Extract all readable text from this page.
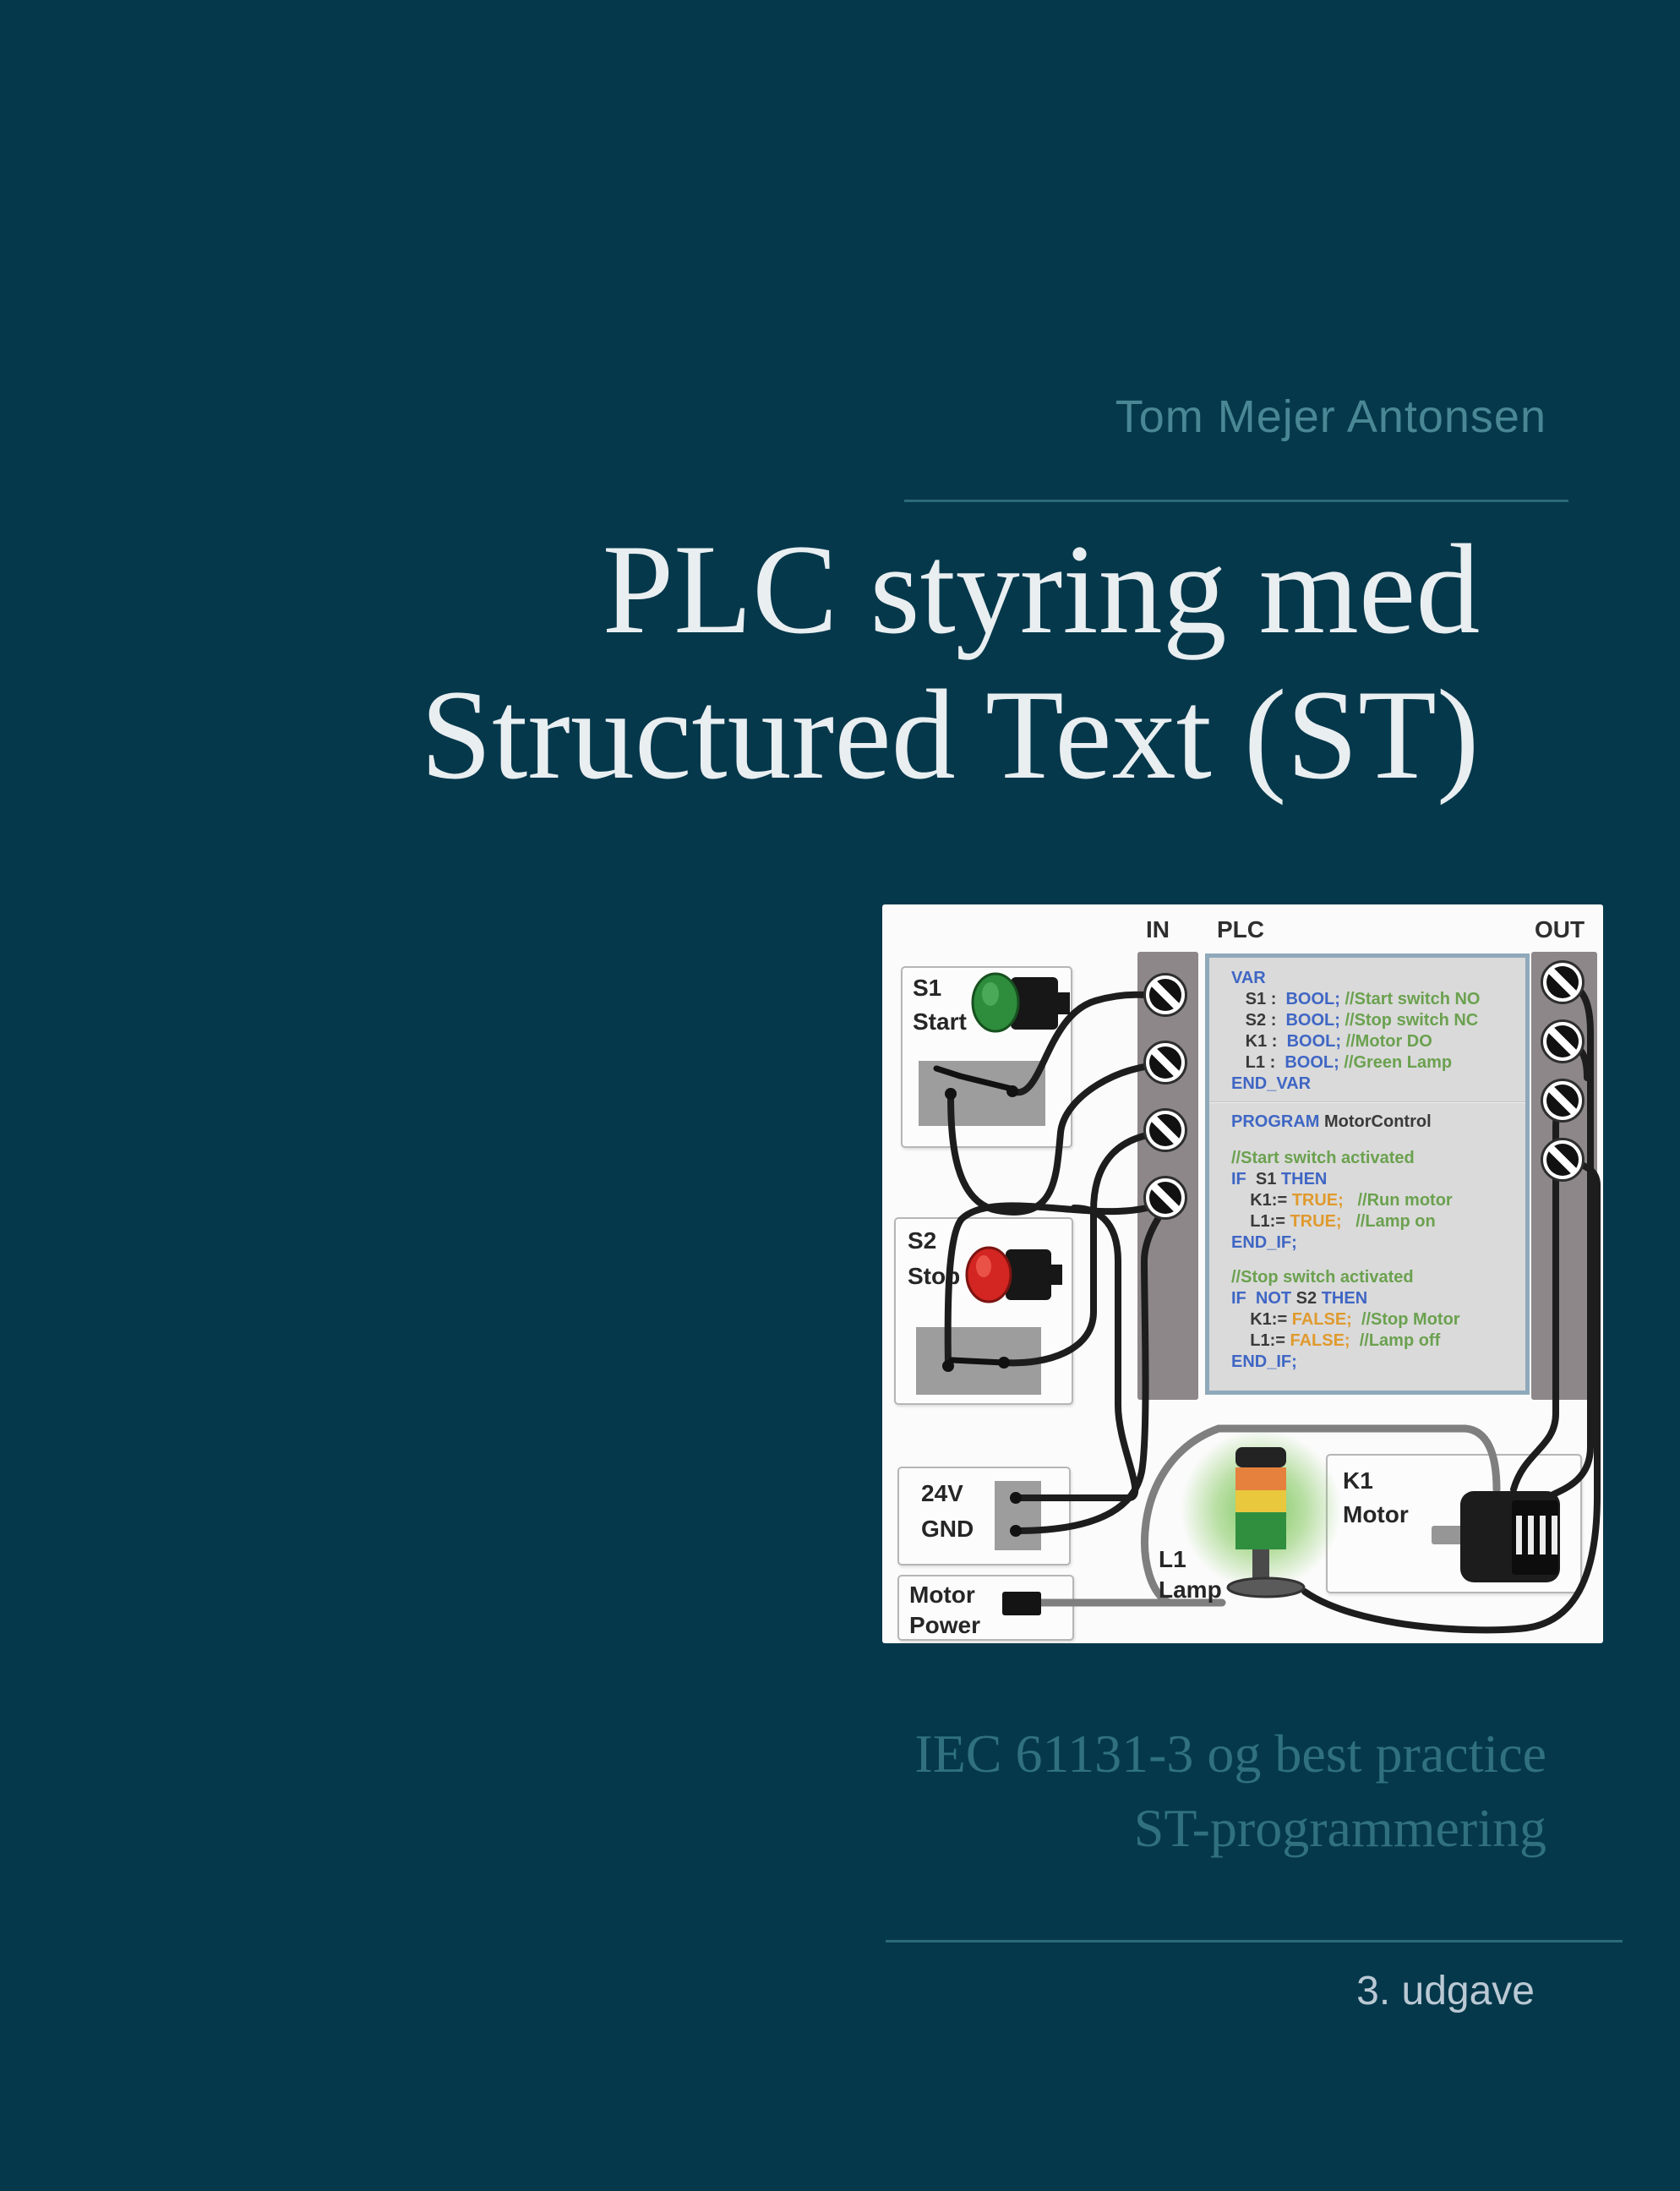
Tom Mejer Antonsen
PLC styring med
Structured Text (ST)
IEC 61131-3 og best practice
ST-programmering
3. udgave
IN PLC	OUT
S1
Start
S2
Stop
24V
GND
Motor
Power
K1
Motor
L1
Lamp
VAR
S1 :  BOOL; //Start switch NO
S2 :  BOOL; //Stop switch NC
K1 :  BOOL; //Motor DO
L1 :  BOOL; //Green Lamp
END_VAR
PROGRAM MotorControl
//Start switch activated
IF  S1 THEN
K1:= TRUE;   //Run motor
L1:= TRUE;   //Lamp on
END_IF;
//Stop switch activated
IF  NOT S2 THEN
K1:= FALSE;  //Stop Motor
L1:= FALSE;  //Lamp off
END_IF;
